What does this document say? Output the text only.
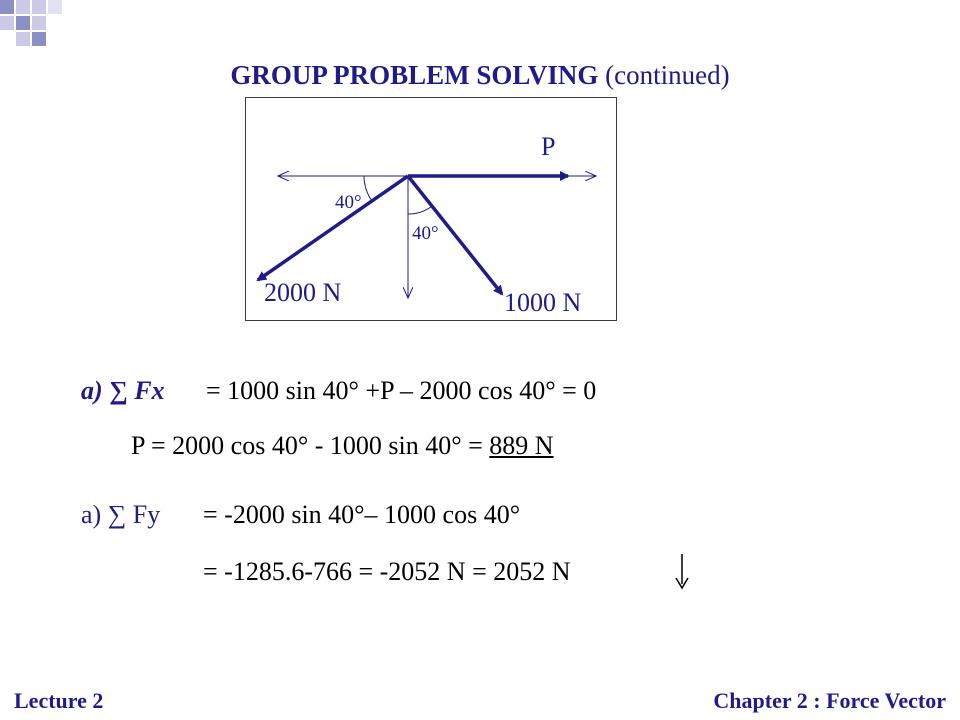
GROUP PROBLEM SOLVING (continued)
P
2000 N	1000 N
40°
40°
a) ∑ Fx = 1000 sin 40° +P – 2000 cos 40° = 0
P = 2000 cos 40° - 1000 sin 40° = 889 N
a) ∑ Fy = -2000 sin 40°– 1000 cos 40°
= -1285.6-766 = -2052 N = 2052 N
Lecture 2	Chapter 2 : Force Vector
